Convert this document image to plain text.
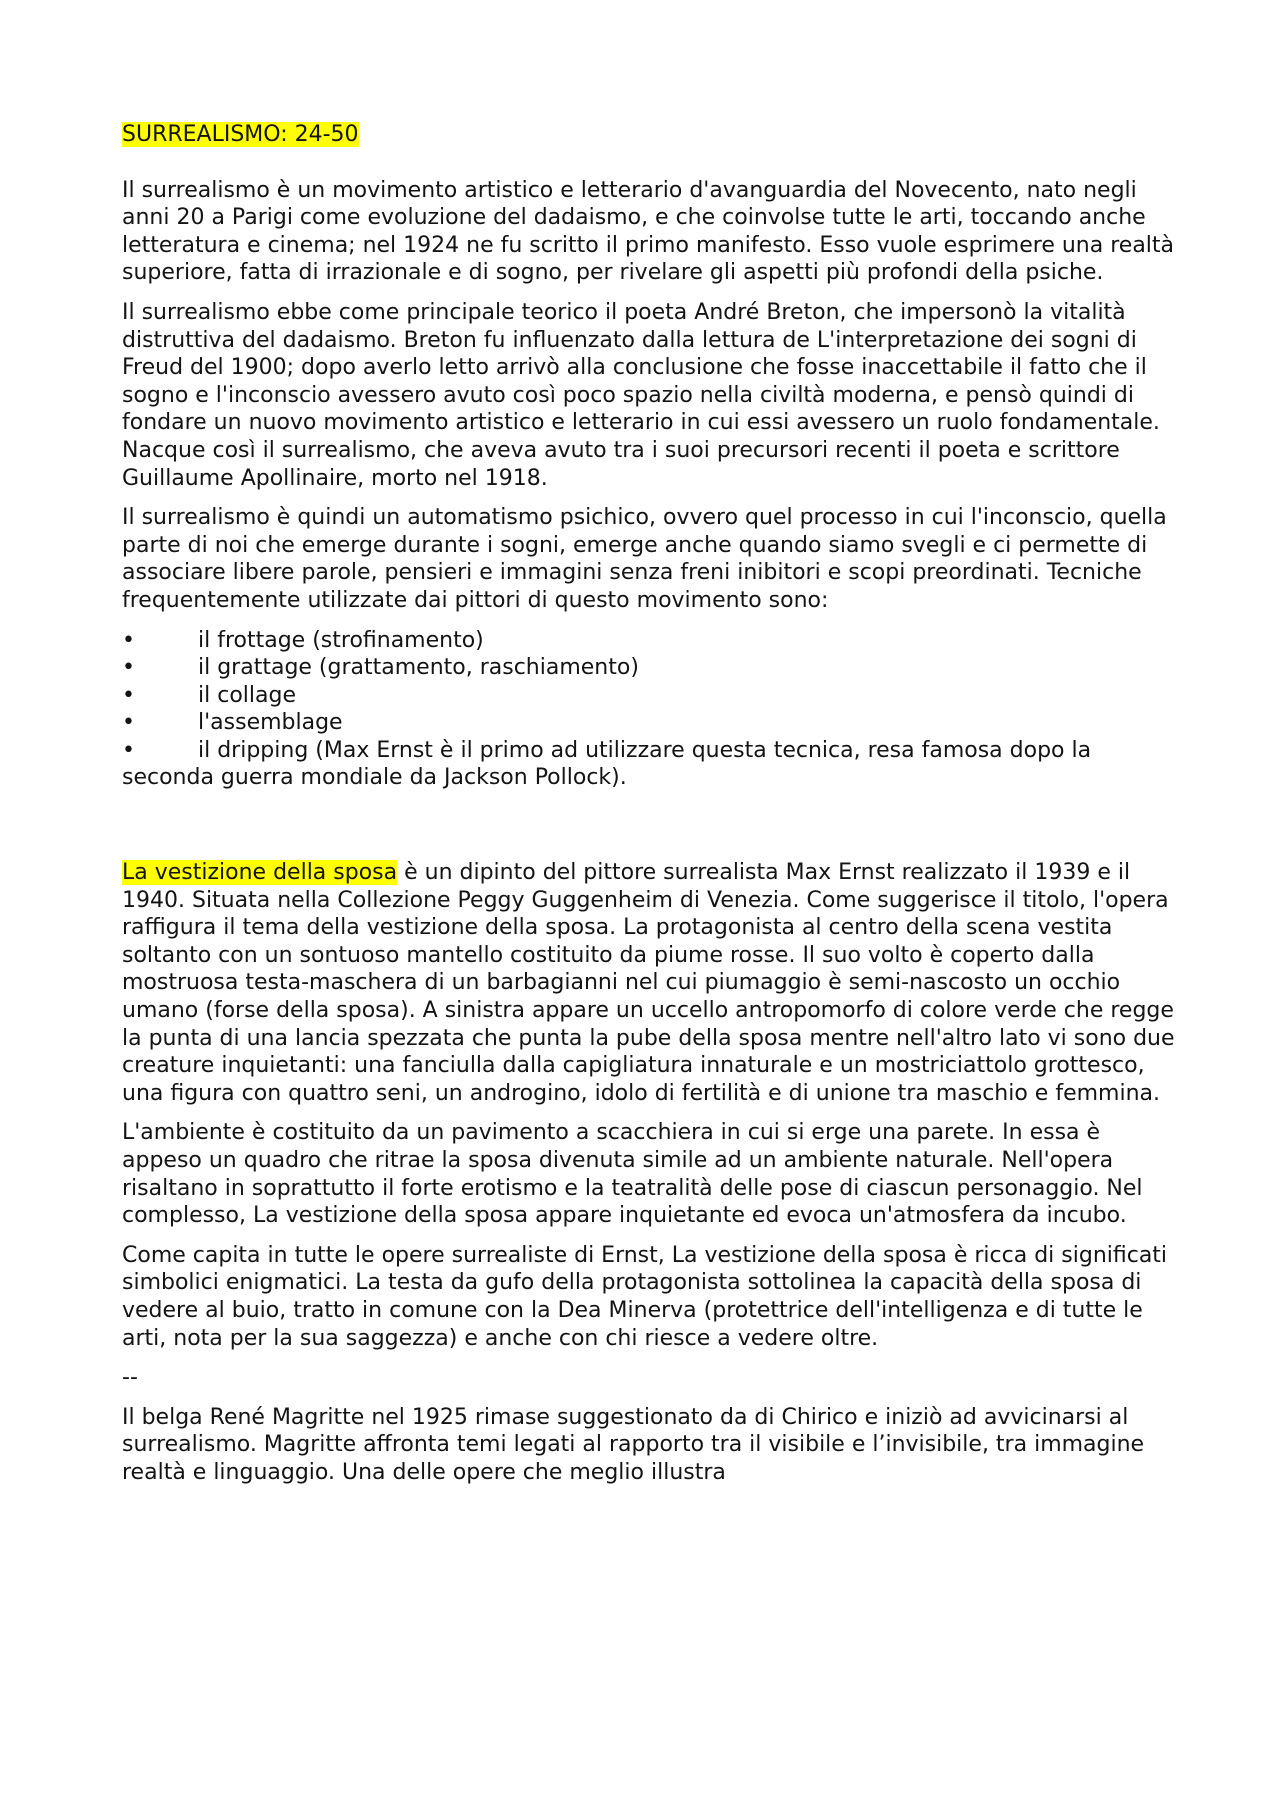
SURREALISMO: 24-50

Il surrealismo è un movimento artistico e letterario d'avanguardia del Novecento, nato negli anni 20 a Parigi come evoluzione del dadaismo, e che coinvolse tutte le arti, toccando anche letteratura e cinema; nel 1924 ne fu scritto il primo manifesto. Esso vuole esprimere una realtà superiore, fatta di irrazionale e di sogno, per rivelare gli aspetti più profondi della psiche.

Il surrealismo ebbe come principale teorico il poeta André Breton, che impersonò la vitalità distruttiva del dadaismo. Breton fu influenzato dalla lettura de L'interpretazione dei sogni di Freud del 1900; dopo averlo letto arrivò alla conclusione che fosse inaccettabile il fatto che il sogno e l'inconscio avessero avuto così poco spazio nella civiltà moderna, e pensò quindi di fondare un nuovo movimento artistico e letterario in cui essi avessero un ruolo fondamentale. Nacque così il surrealismo, che aveva avuto tra i suoi precursori recenti il poeta e scrittore Guillaume Apollinaire, morto nel 1918.

Il surrealismo è quindi un automatismo psichico, ovvero quel processo in cui l'inconscio, quella parte di noi che emerge durante i sogni, emerge anche quando siamo svegli e ci permette di associare libere parole, pensieri e immagini senza freni inibitori e scopi preordinati. Tecniche frequentemente utilizzate dai pittori di questo movimento sono:

•	il frottage (strofinamento)
•	il grattage (grattamento, raschiamento)
•	il collage
•	l'assemblage
•	il dripping (Max Ernst è il primo ad utilizzare questa tecnica, resa famosa dopo la seconda guerra mondiale da Jackson Pollock).

La vestizione della sposa è un dipinto del pittore surrealista Max Ernst realizzato il 1939 e il 1940. Situata nella Collezione Peggy Guggenheim di Venezia. Come suggerisce il titolo, l'opera raffigura il tema della vestizione della sposa. La protagonista al centro della scena vestita soltanto con un sontuoso mantello costituito da piume rosse. Il suo volto è coperto dalla mostruosa testa-maschera di un barbagianni nel cui piumaggio è semi-nascosto un occhio umano (forse della sposa). A sinistra appare un uccello antropomorfo di colore verde che regge la punta di una lancia spezzata che punta la pube della sposa mentre nell'altro lato vi sono due creature inquietanti: una fanciulla dalla capigliatura innaturale e un mostriciattolo grottesco, una figura con quattro seni, un androgino, idolo di fertilità e di unione tra maschio e femmina.

L'ambiente è costituito da un pavimento a scacchiera in cui si erge una parete. In essa è appeso un quadro che ritrae la sposa divenuta simile ad un ambiente naturale. Nell'opera risaltano in soprattutto il forte erotismo e la teatralità delle pose di ciascun personaggio. Nel complesso, La vestizione della sposa appare inquietante ed evoca un'atmosfera da incubo.

Come capita in tutte le opere surrealiste di Ernst, La vestizione della sposa è ricca di significati simbolici enigmatici. La testa da gufo della protagonista sottolinea la capacità della sposa di vedere al buio, tratto in comune con la Dea Minerva (protettrice dell'intelligenza e di tutte le arti, nota per la sua saggezza) e anche con chi riesce a vedere oltre.

--

Il belga René Magritte nel 1925 rimase suggestionato da di Chirico e iniziò ad avvicinarsi al surrealismo. Magritte affronta temi legati al rapporto tra il visibile e l’invisibile, tra immagine realtà e linguaggio. Una delle opere che meglio illustra
